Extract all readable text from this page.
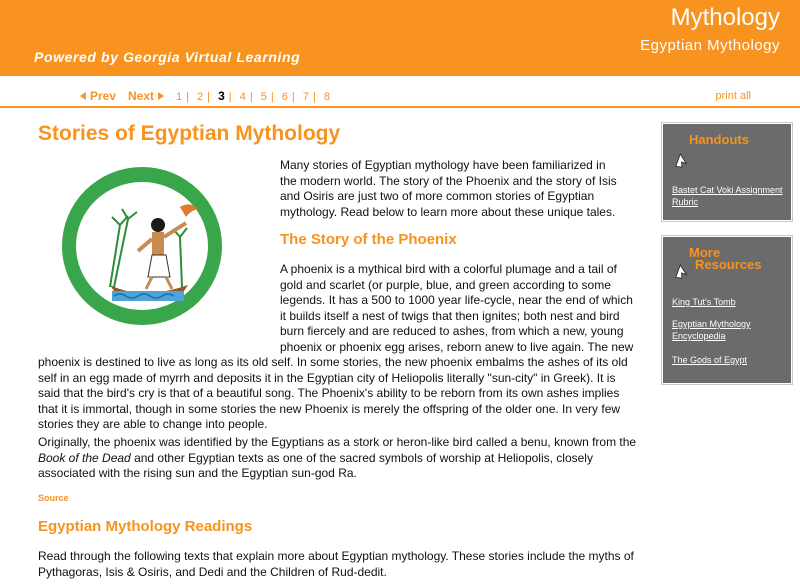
Powered by Georgia Virtual Learning
Mythology
Egyptian Mythology
Prev Next	1 | 2 | 3 | 4 | 5 | 6 | 7 | 8	print all
Stories of Egyptian Mythology

Many stories of Egyptian mythology have been familiarized in the modern world. The story of the Phoenix and the story of Isis and Osiris are just two of more common stories of Egyptian mythology. Read below to learn more about these unique tales.

The Story of the Phoenix

A phoenix is a mythical bird with a colorful plumage and a tail of gold and scarlet (or purple, blue, and green according to some legends. It has a 500 to 1000 year life-cycle, near the end of which it builds itself a nest of twigs that then ignites; both nest and bird burn fiercely and are reduced to ashes, from which a new, young phoenix or phoenix egg arises, reborn anew to live again. The new phoenix is destined to live as long as its old self. In some stories, the new phoenix embalms the ashes of its old self in an egg made of myrrh and deposits it in the Egyptian city of Heliopolis literally "sun-city" in Greek). It is said that the bird's cry is that of a beautiful song. The Phoenix's ability to be reborn from its own ashes implies that it is immortal, though in some stories the new Phoenix is merely the offspring of the older one. In very few stories they are able to change into people.

Originally, the phoenix was identified by the Egyptians as a stork or heron-like bird called a benu, known from the Book of the Dead and other Egyptian texts as one of the sacred symbols of worship at Heliopolis, closely associated with the rising sun and the Egyptian sun-god Ra.

Source
Egyptian Mythology Readings

Read through the following texts that explain more about Egyptian mythology. These stories include the myths of Pythagoras, Isis & Osiris, and Dedi and the Children of Rud-dedit.

Handouts
Bastet Cat Voki Assignment Rubric
More
Resources
King Tut's Tomb
Egyptian Mythology Encyclopedia
The Gods of Egypt
